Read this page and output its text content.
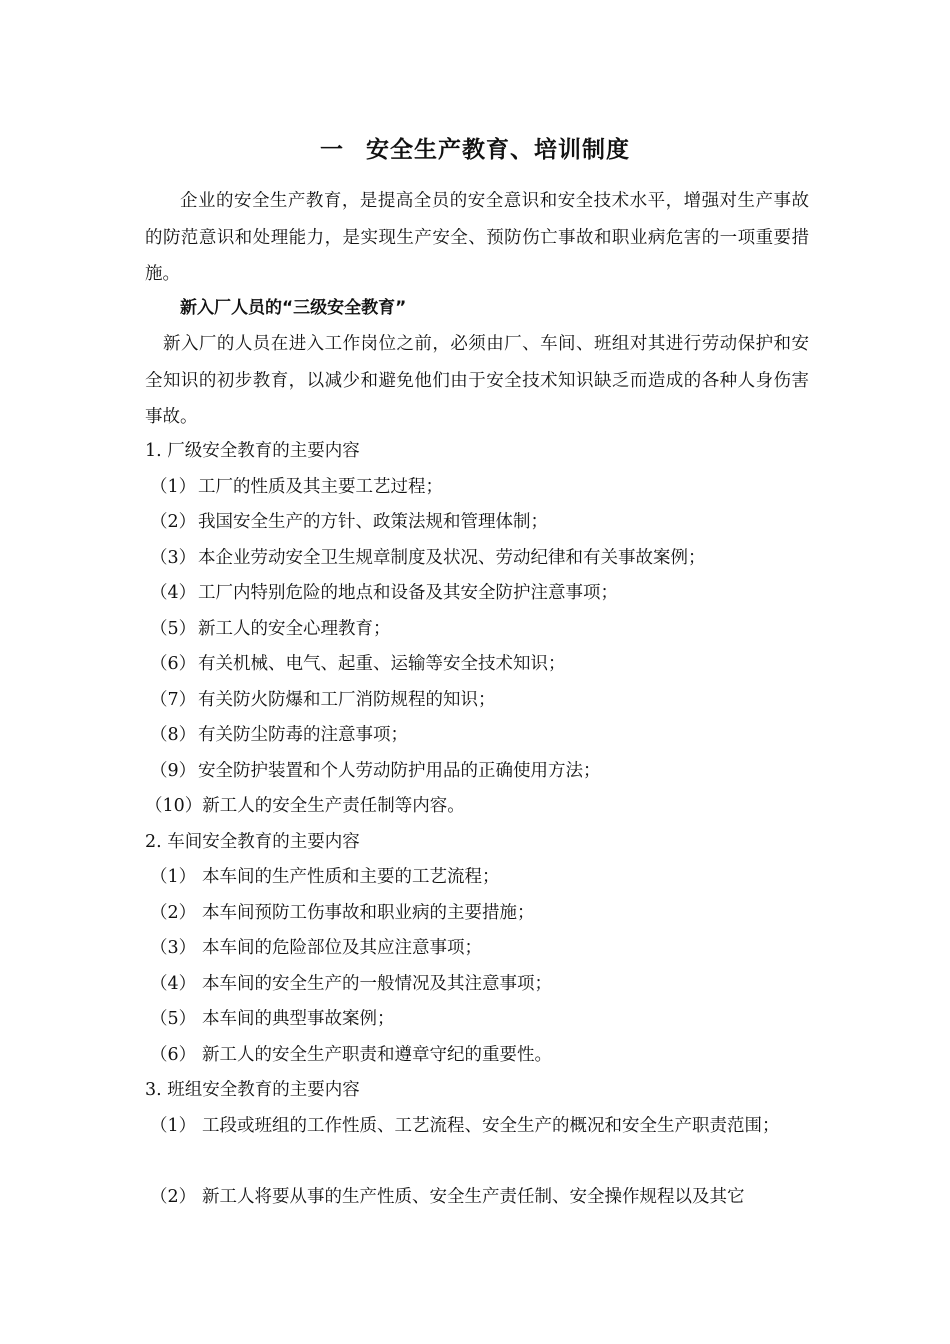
一 安全生产教育、培训制度
企业的安全生产教育，是提高全员的安全意识和安全技术水平，增强对生产事故的防范意识和处理能力，是实现生产安全、预防伤亡事故和职业病危害的一项重要措施。
新入厂人员的“三级安全教育”
新入厂的人员在进入工作岗位之前，必须由厂、车间、班组对其进行劳动保护和安全知识的初步教育，以减少和避免他们由于安全技术知识缺乏而造成的各种人身伤害事故。
1. 厂级安全教育的主要内容
（1） 工厂的性质及其主要工艺过程；
（2） 我国安全生产的方针、政策法规和管理体制；
（3） 本企业劳动安全卫生规章制度及状况、劳动纪律和有关事故案例；
（4） 工厂内特别危险的地点和设备及其安全防护注意事项；
（5） 新工人的安全心理教育；
（6） 有关机械、电气、起重、运输等安全技术知识；
（7） 有关防火防爆和工厂消防规程的知识；
（8） 有关防尘防毒的注意事项；
（9） 安全防护装置和个人劳动防护用品的正确使用方法；
（10）新工人的安全生产责任制等内容。
2. 车间安全教育的主要内容
（1） 本车间的生产性质和主要的工艺流程；
（2） 本车间预防工伤事故和职业病的主要措施；
（3） 本车间的危险部位及其应注意事项；
（4） 本车间的安全生产的一般情况及其注意事项；
（5） 本车间的典型事故案例；
（6） 新工人的安全生产职责和遵章守纪的重要性。
3. 班组安全教育的主要内容
（1） 工段或班组的工作性质、工艺流程、安全生产的概况和安全生产职责范围；
（2） 新工人将要从事的生产性质、安全生产责任制、安全操作规程以及其它
